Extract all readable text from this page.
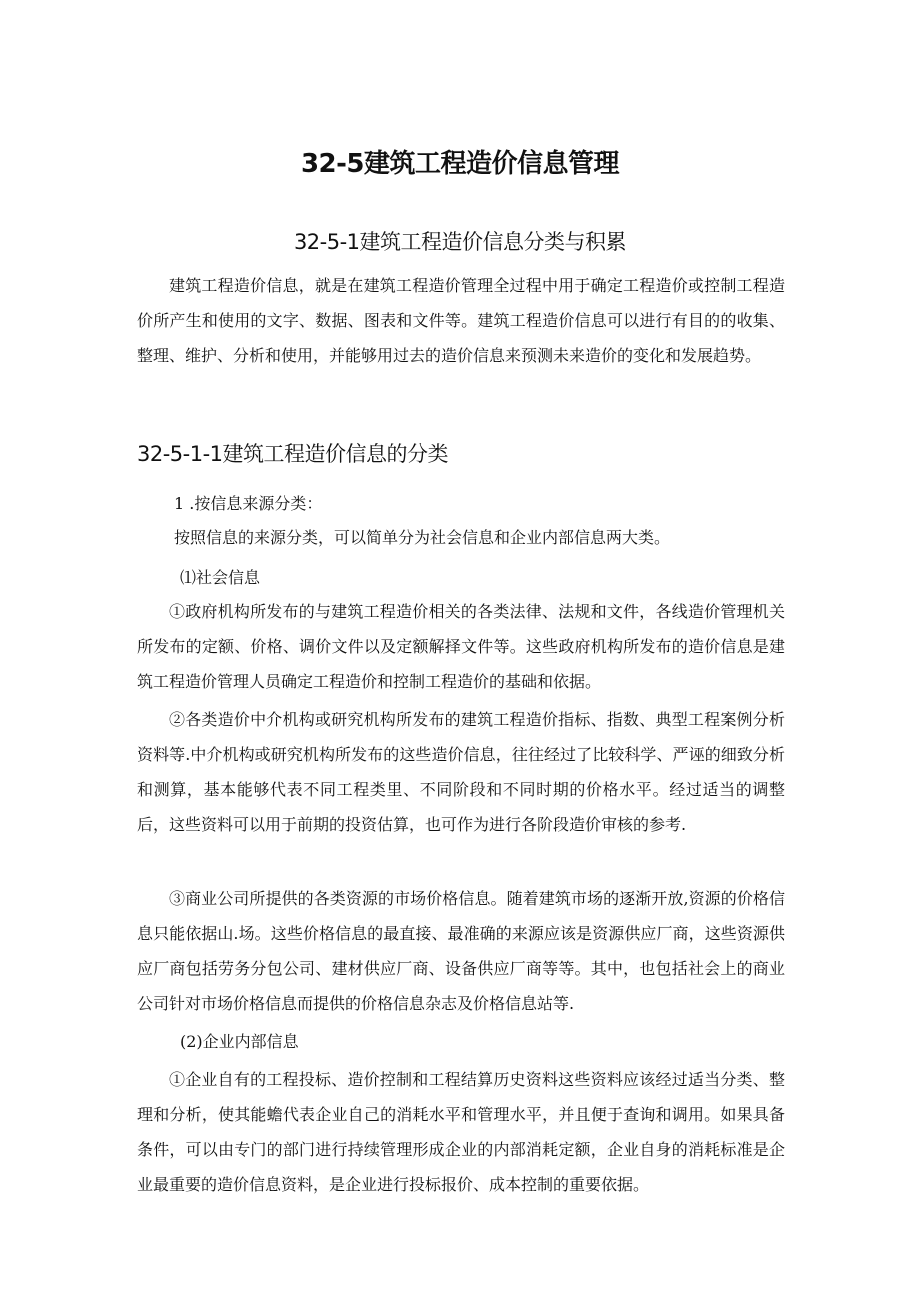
32-5建筑工程造价信息管理
32-5-1建筑工程造价信息分类与积累

建筑工程造价信息，就是在建筑工程造价管理全过程中用于确定工程造价或控制工程造价所产生和使用的文字、数据、图表和文件等。建筑工程造价信息可以进行有目的的收集、整理、维护、分析和使用，并能够用过去的造价信息来预测未来造价的变化和发展趋势。

32-5-1-1建筑工程造价信息的分类

1 .按信息来源分类：

按照信息的来源分类，可以简单分为社会信息和企业内部信息两大类。

⑴社会信息

①政府机构所发布的与建筑工程造价相关的各类法律、法规和文件，各线造价管理机关所发布的定额、价格、调价文件以及定额解择文件等。这些政府机构所发布的造价信息是建筑工程造价管理人员确定工程造价和控制工程造价的基础和依据。

②各类造价中介机构或研究机构所发布的建筑工程造价指标、指数、典型工程案例分析资料等.中介机构或研究机构所发布的这些造价信息，往往经过了比较科学、严诬的细致分析和测算，基本能够代表不同工程类里、不同阶段和不同时期的价格水平。经过适当的调整后，这些资料可以用于前期的投资估算，也可作为进行各阶段造价审核的参考.

③商业公司所提供的各类资源的市场价格信息。随着建筑市场的逐渐开放,资源的价格信息只能依据山.场。这些价格信息的最直接、最准确的来源应该是资源供应厂商，这些资源供应厂商包括劳务分包公司、建材供应厂商、设备供应厂商等等。其中，也包括社会上的商业公司针对市场价格信息而提供的价格信息杂志及价格信息站等.

(2)企业内部信息

①企业自有的工程投标、造价控制和工程结算历史资料这些资料应该经过适当分类、整理和分析，使其能蟾代表企业自己的消耗水平和管理水平，并且便于查询和调用。如果具备条件，可以由专门的部门进行持续管理形成企业的内部消耗定额，企业自身的消耗标准是企业最重要的造价信息资料，是企业进行投标报价、成本控制的重要依据。
